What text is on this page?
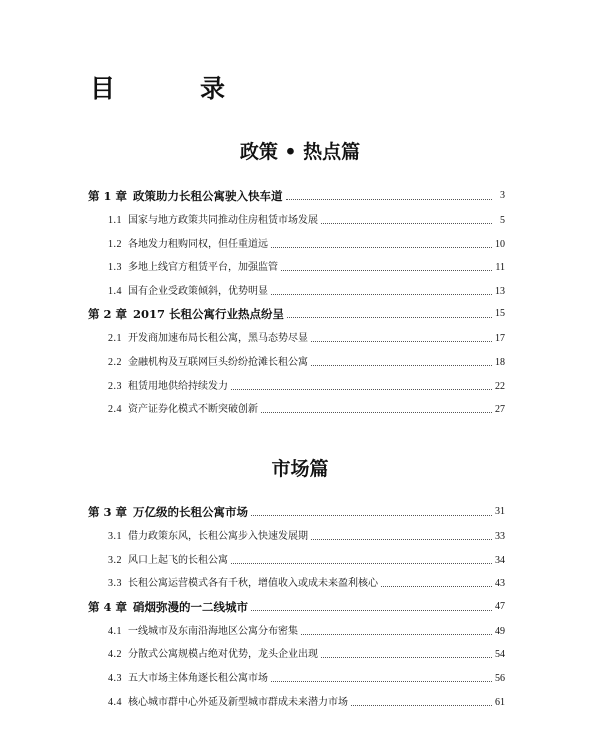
目　录
政策 • 热点篇
第 1 章 政策助力长租公寓驶入快车道	3
1.1 国家与地方政策共同推动住房租赁市场发展	5
1.2 各地发力租购同权，但任重道远	10
1.3 多地上线官方租赁平台，加强监管	11
1.4 国有企业受政策倾斜，优势明显	13
第 2 章 2017 长租公寓行业热点纷呈	15
2.1 开发商加速布局长租公寓，黑马态势尽显	17
2.2 金融机构及互联网巨头纷纷抢滩长租公寓	18
2.3 租赁用地供给持续发力	22
2.4 资产证券化模式不断突破创新	27
市场篇
第 3 章 万亿级的长租公寓市场	31
3.1 借力政策东风，长租公寓步入快速发展期	33
3.2 风口上起飞的长租公寓	34
3.3 长租公寓运营模式各有千秋，增值收入或成未来盈利核心	43
第 4 章 硝烟弥漫的一二线城市	47
4.1 一线城市及东南沿海地区公寓分布密集	49
4.2 分散式公寓规模占绝对优势，龙头企业出现	54
4.3 五大市场主体角逐长租公寓市场	56
4.4 核心城市群中心外延及新型城市群成未来潜力市场	61
